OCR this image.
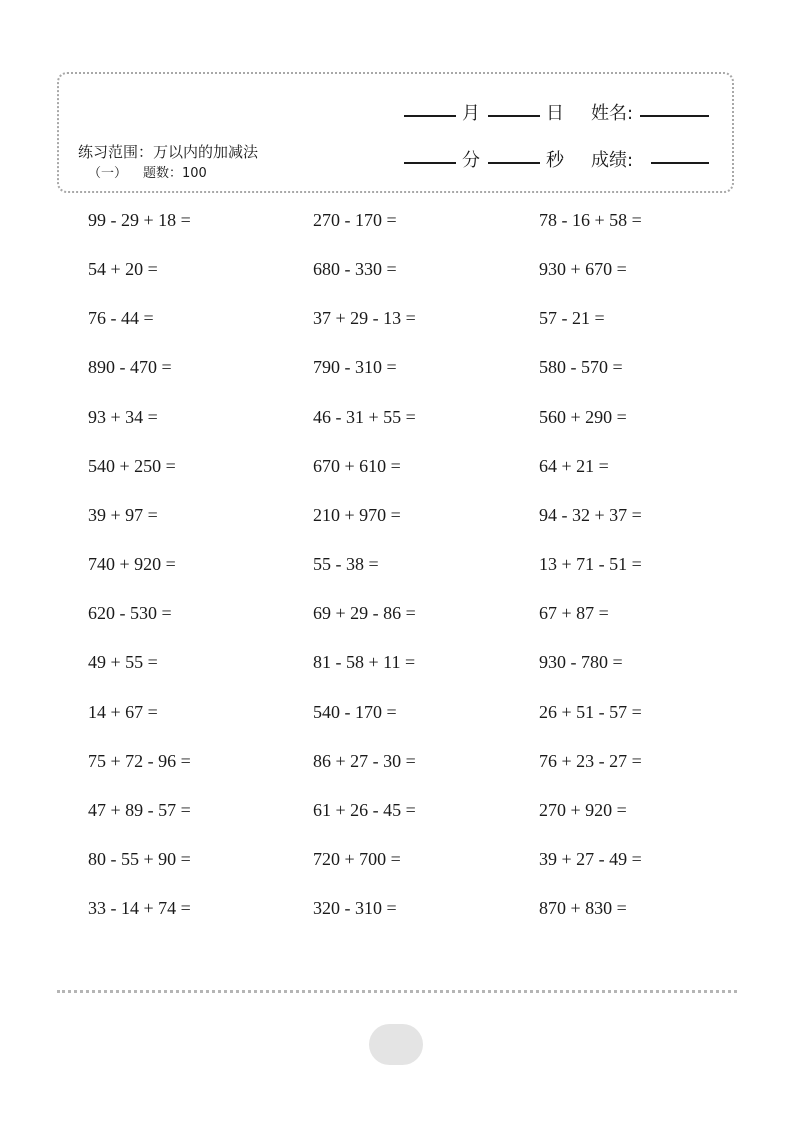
月	日 姓名:
分	秒 成绩:
练习范围：万以内的加减法
（一） 题数：100
99 - 29 + 18 =
54 + 20 =
76 - 44 =
890 - 470 =
93 + 34 =
540 + 250 =
39 + 97 =
740 + 920 =
620 - 530 =
49 + 55 =
14 + 67 =
75 + 72 - 96 =
47 + 89 - 57 =
80 - 55 + 90 =
33 - 14 + 74 =
270 - 170 =
680 - 330 =
37 + 29 - 13 =
790 - 310 =
46 - 31 + 55 =
670 + 610 =
210 + 970 =
55 - 38 =
69 + 29 - 86 =
81 - 58 + 11 =
540 - 170 =
86 + 27 - 30 =
61 + 26 - 45 =
720 + 700 =
320 - 310 =
78 - 16 + 58 =
930 + 670 =
57 - 21 =
580 - 570 =
560 + 290 =
64 + 21 =
94 - 32 + 37 =
13 + 71 - 51 =
67 + 87 =
930 - 780 =
26 + 51 - 57 =
76 + 23 - 27 =
270 + 920 =
39 + 27 - 49 =
870 + 830 =
